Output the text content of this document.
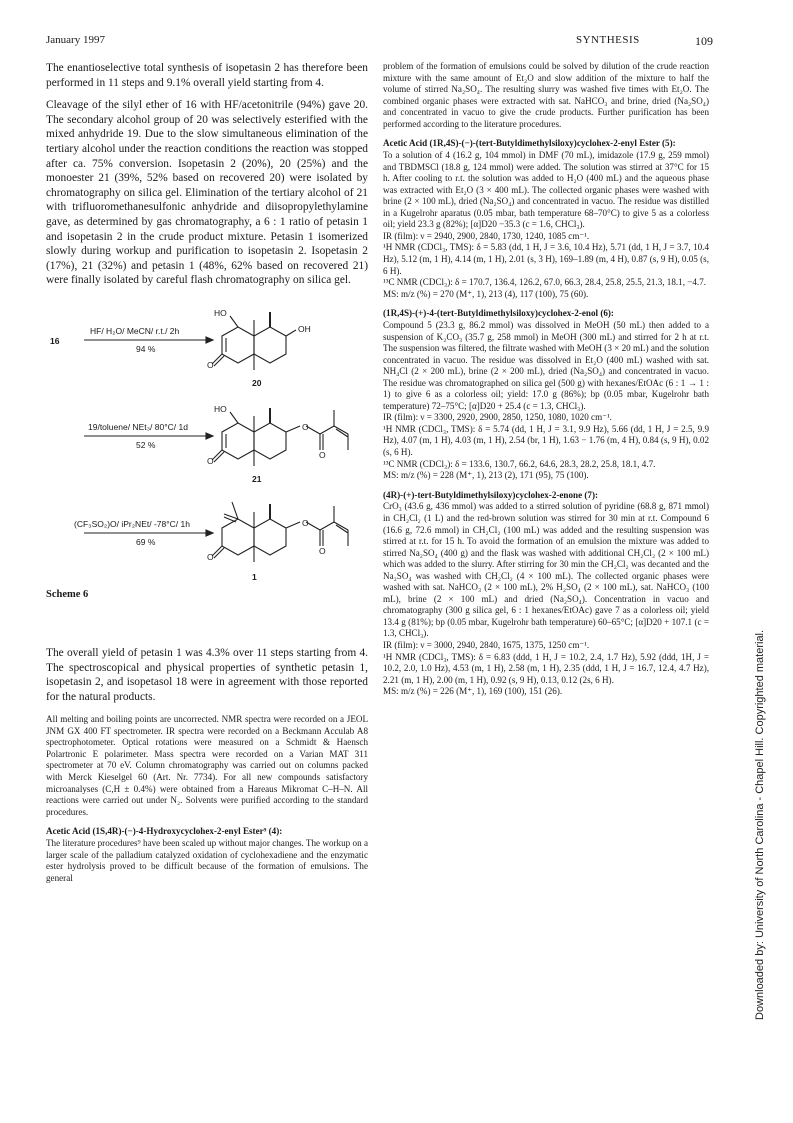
January 1997	SYNTHESIS	109

The enantioselective total synthesis of isopetasin 2 has therefore been performed in 11 steps and 9.1% overall yield starting from 4.

Cleavage of the silyl ether of 16 with HF/acetonitrile (94%) gave 20. The secondary alcohol group of 20 was selectively esterified with the mixed anhydride 19. Due to the slow simultaneous elimination of the tertiary alcohol under the reaction conditions the reaction was stopped after ca. 75% conversion. Isopetasin 2 (20%), 20 (25%) and the monoester 21 (39%, 52% based on recovered 20) were isolated by chromatography on silica gel. Elimination of the tertiary alcohol of 21 with trifluoromethanesulfonic anhydride and diisopropylethylamine gave, as determined by gas chromatography, a 6 : 1 ratio of petasin 1 and isopetasin 2 in the crude product mixture. Petasin 1 isomerized slowly during workup and purification to isopetasin 2. Isopetasin 2 (17%), 21 (32%) and petasin 1 (48%, 62% based on recovered 21) were finally isolated by careful flash chromatography on silica gel.

O
O
O
O
O
O
O
16
HF/ H₂O/ MeCN/ r.t./ 2h
94 %
HO
OH
20
19/toluene/ NEt₃/ 80°C/ 1d
52 %
HO
21
(CF₃SO₂)O/ iPr₂NEt/ -78°C/ 1h
69 %
1
Scheme 6

The overall yield of petasin 1 was 4.3% over 11 steps starting from 4. The spectroscopical and physical properties of synthetic petasin 1, isopetasin 2, and isopetasol 18 were in agreement with those reported for the natural products.

All melting and boiling points are uncorrected. NMR spectra were recorded on a JEOL JNM GX 400 FT spectrometer. IR spectra were recorded on a Beckmann Acculab A8 spectrophotometer. Optical rotations were measured on a Schmidt & Haensch Polartronic E polarimeter. Mass spectra were recorded on a Varian MAT 311 spectrometer at 70 eV. Column chromatography was carried out on columns packed with Merck Kieselgel 60 (Art. Nr. 7734). For all new compounds satisfactory microanalyses (C,H ± 0.4%) were obtained from a Hareaus Mikromat C–H–N. All reactions were carried out under N₂. Solvents were purified according to the standard procedures.

Acetic Acid (1S,4R)-(−)-4-Hydroxycyclohex-2-enyl Ester⁹ (4):

The literature procedures⁹ have been scaled up without major changes. The workup on a larger scale of the palladium catalyzed oxidation of cyclohexadiene and the enzymatic ester hydrolysis proved to be difficult because of the formation of emulsions. The general

problem of the formation of emulsions could be solved by dilution of the crude reaction mixture with the same amount of Et₂O and slow addition of the mixture to half the volume of stirred Na₂SO₄. The resulting slurry was washed five times with Et₂O. The combined organic phases were extracted with sat. NaHCO₃ and brine, dried (Na₂SO₄) and concentrated in vacuo to give the crude products. Further purification has been performed according to the literature procedures.

Acetic Acid (1R,4S)-(−)-(tert-Butyldimethylsiloxy)cyclohex-2-enyl Ester (5):

To a solution of 4 (16.2 g, 104 mmol) in DMF (70 mL), imidazole (17.9 g, 259 mmol) and TBDMSCl (18.8 g, 124 mmol) were added. The solution was stirred at 37°C for 15 h. After cooling to r.t. the solution was added to H₂O (400 mL) and the aqueous phase was extracted with Et₂O (3 × 400 mL). The collected organic phases were washed with brine (2 × 100 mL), dried (Na₂SO₄) and concentrated in vacuo. The residue was distilled in a Kugelrohr aparatus (0.05 mbar, bath temperature 68–70°C) to give 5 as a colorless oil; yield 23.3 g (82%); [α]D20 −35.3 (c = 1.6, CHCl₃).

IR (film): ν = 2940, 2900, 2840, 1730, 1240, 1085 cm⁻¹.

¹H NMR (CDCl₃, TMS): δ = 5.83 (dd, 1 H, J = 3.6, 10.4 Hz), 5.71 (dd, 1 H, J = 3.7, 10.4 Hz), 5.12 (m, 1 H), 4.14 (m, 1 H), 2.01 (s, 3 H), 169–1.89 (m, 4 H), 0.87 (s, 9 H), 0.05 (s, 6 H).

¹³C NMR (CDCl₃): δ = 170.7, 136.4, 126.2, 67.0, 66.3, 28.4, 25.8, 25.5, 21.3, 18.1, −4.7.

MS: m/z (%) = 270 (M⁺, 1), 213 (4), 117 (100), 75 (60).

(1R,4S)-(+)-4-(tert-Butyldimethylsiloxy)cyclohex-2-enol (6):

Compound 5 (23.3 g, 86.2 mmol) was dissolved in MeOH (50 mL) then added to a suspension of K₂CO₃ (35.7 g, 258 mmol) in MeOH (300 mL) and stirred for 2 h at r.t. The suspension was filtered, the filtrate washed with MeOH (3 × 20 mL) and the solution concentrated in vacuo. The residue was dissolved in Et₂O (400 mL) washed with sat. NH₄Cl (2 × 200 mL), brine (2 × 200 mL), dried (Na₂SO₄) and concentrated in vacuo. The residue was chromatographed on silica gel (500 g) with hexanes/EtOAc (6 : 1 → 1 : 1) to give 6 as a colorless oil; yield: 17.0 g (86%); bp (0.05 mbar, Kugelrohr bath temperature) 72–75°C; [α]D20 + 25.4 (c = 1.3, CHCl₃).

IR (film): ν = 3300, 2920, 2900, 2850, 1250, 1080, 1020 cm⁻¹.

¹H NMR (CDCl₃, TMS): δ = 5.74 (dd, 1 H, J = 3.1, 9.9 Hz), 5.66 (dd, 1 H, J = 2.5, 9.9 Hz), 4.07 (m, 1 H), 4.03 (m, 1 H), 2.54 (br, 1 H), 1.63 − 1.76 (m, 4 H), 0.84 (s, 9 H), 0.02 (s, 6 H).

¹³C NMR (CDCl₃): δ = 133.6, 130.7, 66.2, 64.6, 28.3, 28.2, 25.8, 18.1, 4.7.

MS: m/z (%) = 228 (M⁺, 1), 213 (2), 171 (95), 75 (100).

(4R)-(+)-tert-Butyldimethylsiloxy)cyclohex-2-enone (7):

CrO₃ (43.6 g, 436 mmol) was added to a stirred solution of pyridine (68.8 g, 871 mmol) in CH₂Cl₂ (1 L) and the red-brown solution was stirred for 30 min at r.t. Compound 6 (16.6 g, 72.6 mmol) in CH₂Cl₂ (100 mL) was added and the resulting suspension was stirred at r.t. for 15 h. To avoid the formation of an emulsion the mixture was added to stirred Na₂SO₄ (400 g) and the flask was washed with additional CH₂Cl₂ (2 × 100 mL) which was added to the slurry. After stirring for 30 min the CH₂Cl₂ was decanted and the Na₂SO₄ was washed with CH₂Cl₂ (4 × 100 mL). The collected organic phases were washed with sat. NaHCO₃ (2 × 100 mL), 2% H₂SO₄ (2 × 100 mL), sat. NaHCO₃ (100 mL), brine (2 × 100 mL) and dried (Na₂SO₄). Concentration in vacuo and chromatography (300 g silica gel, 6 : 1 hexanes/EtOAc) gave 7 as a colorless oil; yield 13.4 g (81%); bp (0.05 mbar, Kugelrohr bath temperature) 60–65°C; [α]D20 + 107.1 (c = 1.3, CHCl₃).

IR (film): ν = 3000, 2940, 2840, 1675, 1375, 1250 cm⁻¹.

¹H NMR (CDCl₃, TMS): δ = 6.83 (ddd, 1 H, J = 10.2, 2.4, 1.7 Hz), 5.92 (ddd, 1H, J = 10.2, 2.0, 1.0 Hz), 4.53 (m, 1 H), 2.58 (m, 1 H), 2.35 (ddd, 1 H, J = 16.7, 12.4, 4.7 Hz), 2.21 (m, 1 H), 2.00 (m, 1 H), 0.92 (s, 9 H), 0.13, 0.12 (2s, 6 H).

MS: m/z (%) = 226 (M⁺, 1), 169 (100), 151 (26).	Downloaded by: University of North Carolina - Chapel Hill. Copyrighted material.
